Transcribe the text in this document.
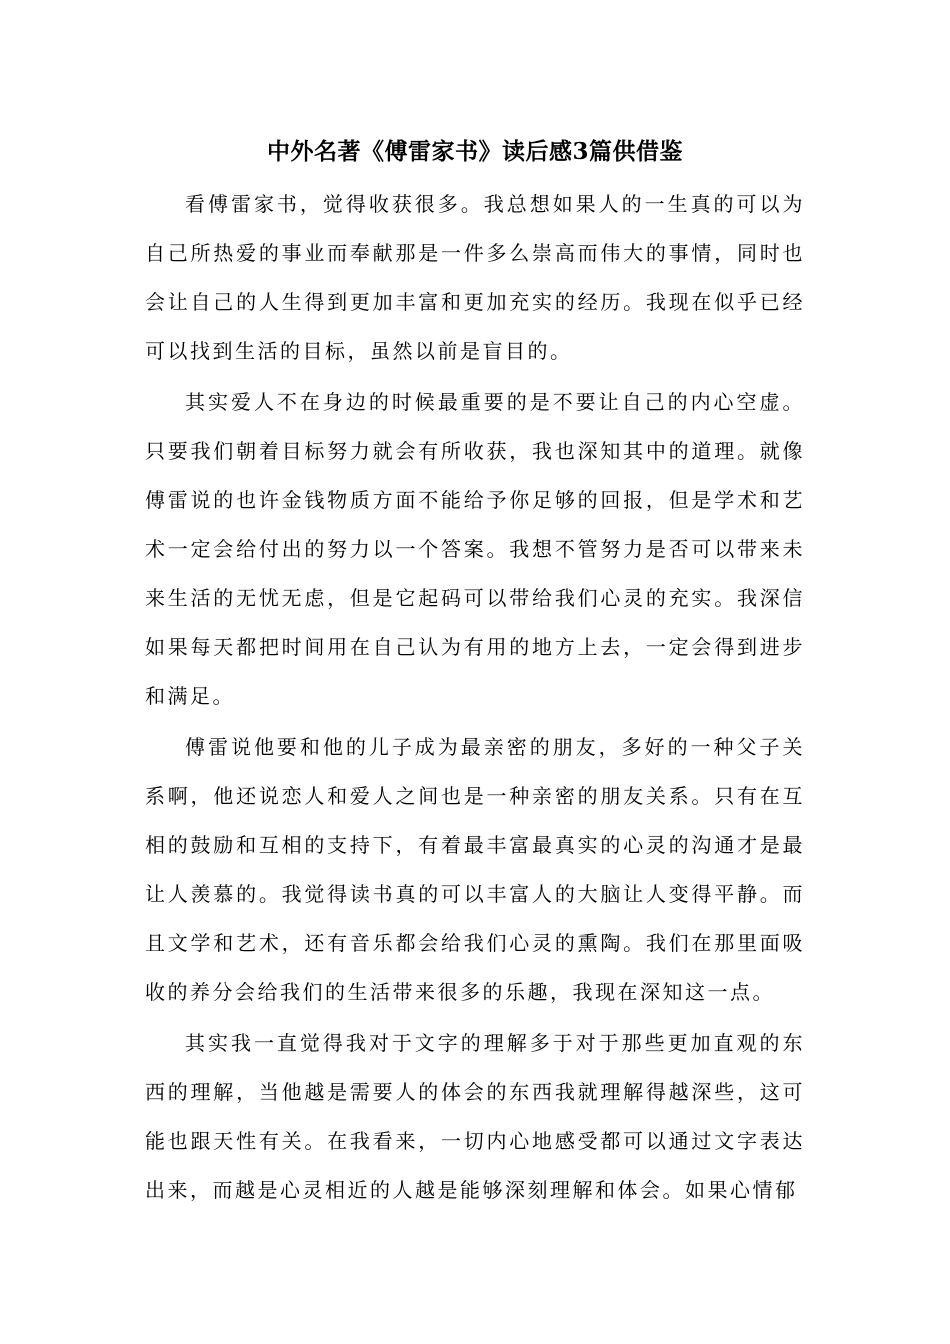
中外名著《傅雷家书》读后感3篇供借鉴

看傅雷家书，觉得收获很多。我总想如果人的一生真的可以为自己所热爱的事业而奉献那是一件多么崇高而伟大的事情，同时也会让自己的人生得到更加丰富和更加充实的经历。我现在似乎已经可以找到生活的目标，虽然以前是盲目的。

其实爱人不在身边的时候最重要的是不要让自己的内心空虚。只要我们朝着目标努力就会有所收获，我也深知其中的道理。就像傅雷说的也许金钱物质方面不能给予你足够的回报，但是学术和艺术一定会给付出的努力以一个答案。我想不管努力是否可以带来未来生活的无忧无虑，但是它起码可以带给我们心灵的充实。我深信如果每天都把时间用在自己认为有用的地方上去，一定会得到进步和满足。

傅雷说他要和他的儿子成为最亲密的朋友，多好的一种父子关系啊，他还说恋人和爱人之间也是一种亲密的朋友关系。只有在互相的鼓励和互相的支持下，有着最丰富最真实的心灵的沟通才是最让人羡慕的。我觉得读书真的可以丰富人的大脑让人变得平静。而且文学和艺术，还有音乐都会给我们心灵的熏陶。我们在那里面吸收的养分会给我们的生活带来很多的乐趣，我现在深知这一点。

其实我一直觉得我对于文字的理解多于对于那些更加直观的东西的理解，当他越是需要人的体会的东西我就理解得越深些，这可能也跟天性有关。在我看来，一切内心地感受都可以通过文字表达出来，而越是心灵相近的人越是能够深刻理解和体会。如果心情郁
